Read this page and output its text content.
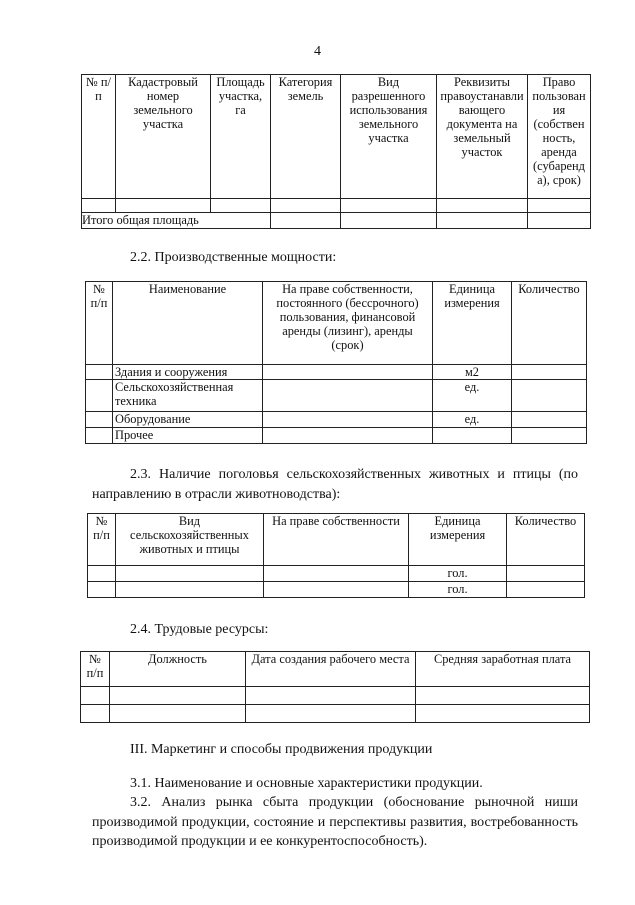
4
№ п/п	Кадастровый номер земельного участка	Площадь участка, га	Категория земель	Вид разрешенного использования земельного участка	Реквизиты правоустанавли вающего документа на земельный участок	Право пользован ия (собствен ность, аренда (субаренд а), срок)

Итого общая площадь						
2.2. Производственные мощности:
№ п/п	Наименование	На праве собственности, постоянного (бессрочного) пользования, финансовой аренды (лизинг), аренды (срок)	Единица измерения	Количество
	Здания и сооружения		м2	
	Сельскохозяйственная техника		ед.	
	Оборудование		ед.	
	Прочее			
2.3. Наличие поголовья сельскохозяйственных животных и птицы (по направлению в отрасли животноводства):
№ п/п	Вид сельскохозяйственных животных и птицы	На праве собственности	Единица измерения	Количество
			гол.	
			гол.	
2.4. Трудовые ресурсы:
№ п/п	Должность	Дата создания рабочего места	Средняя заработная плата

III. Маркетинг и способы продвижения продукции
3.1. Наименование и основные характеристики продукции.
3.2. Анализ рынка сбыта продукции (обоснование рыночной ниши производимой продукции, состояние и перспективы развития, востребованность производимой продукции и ее конкурентоспособность).
